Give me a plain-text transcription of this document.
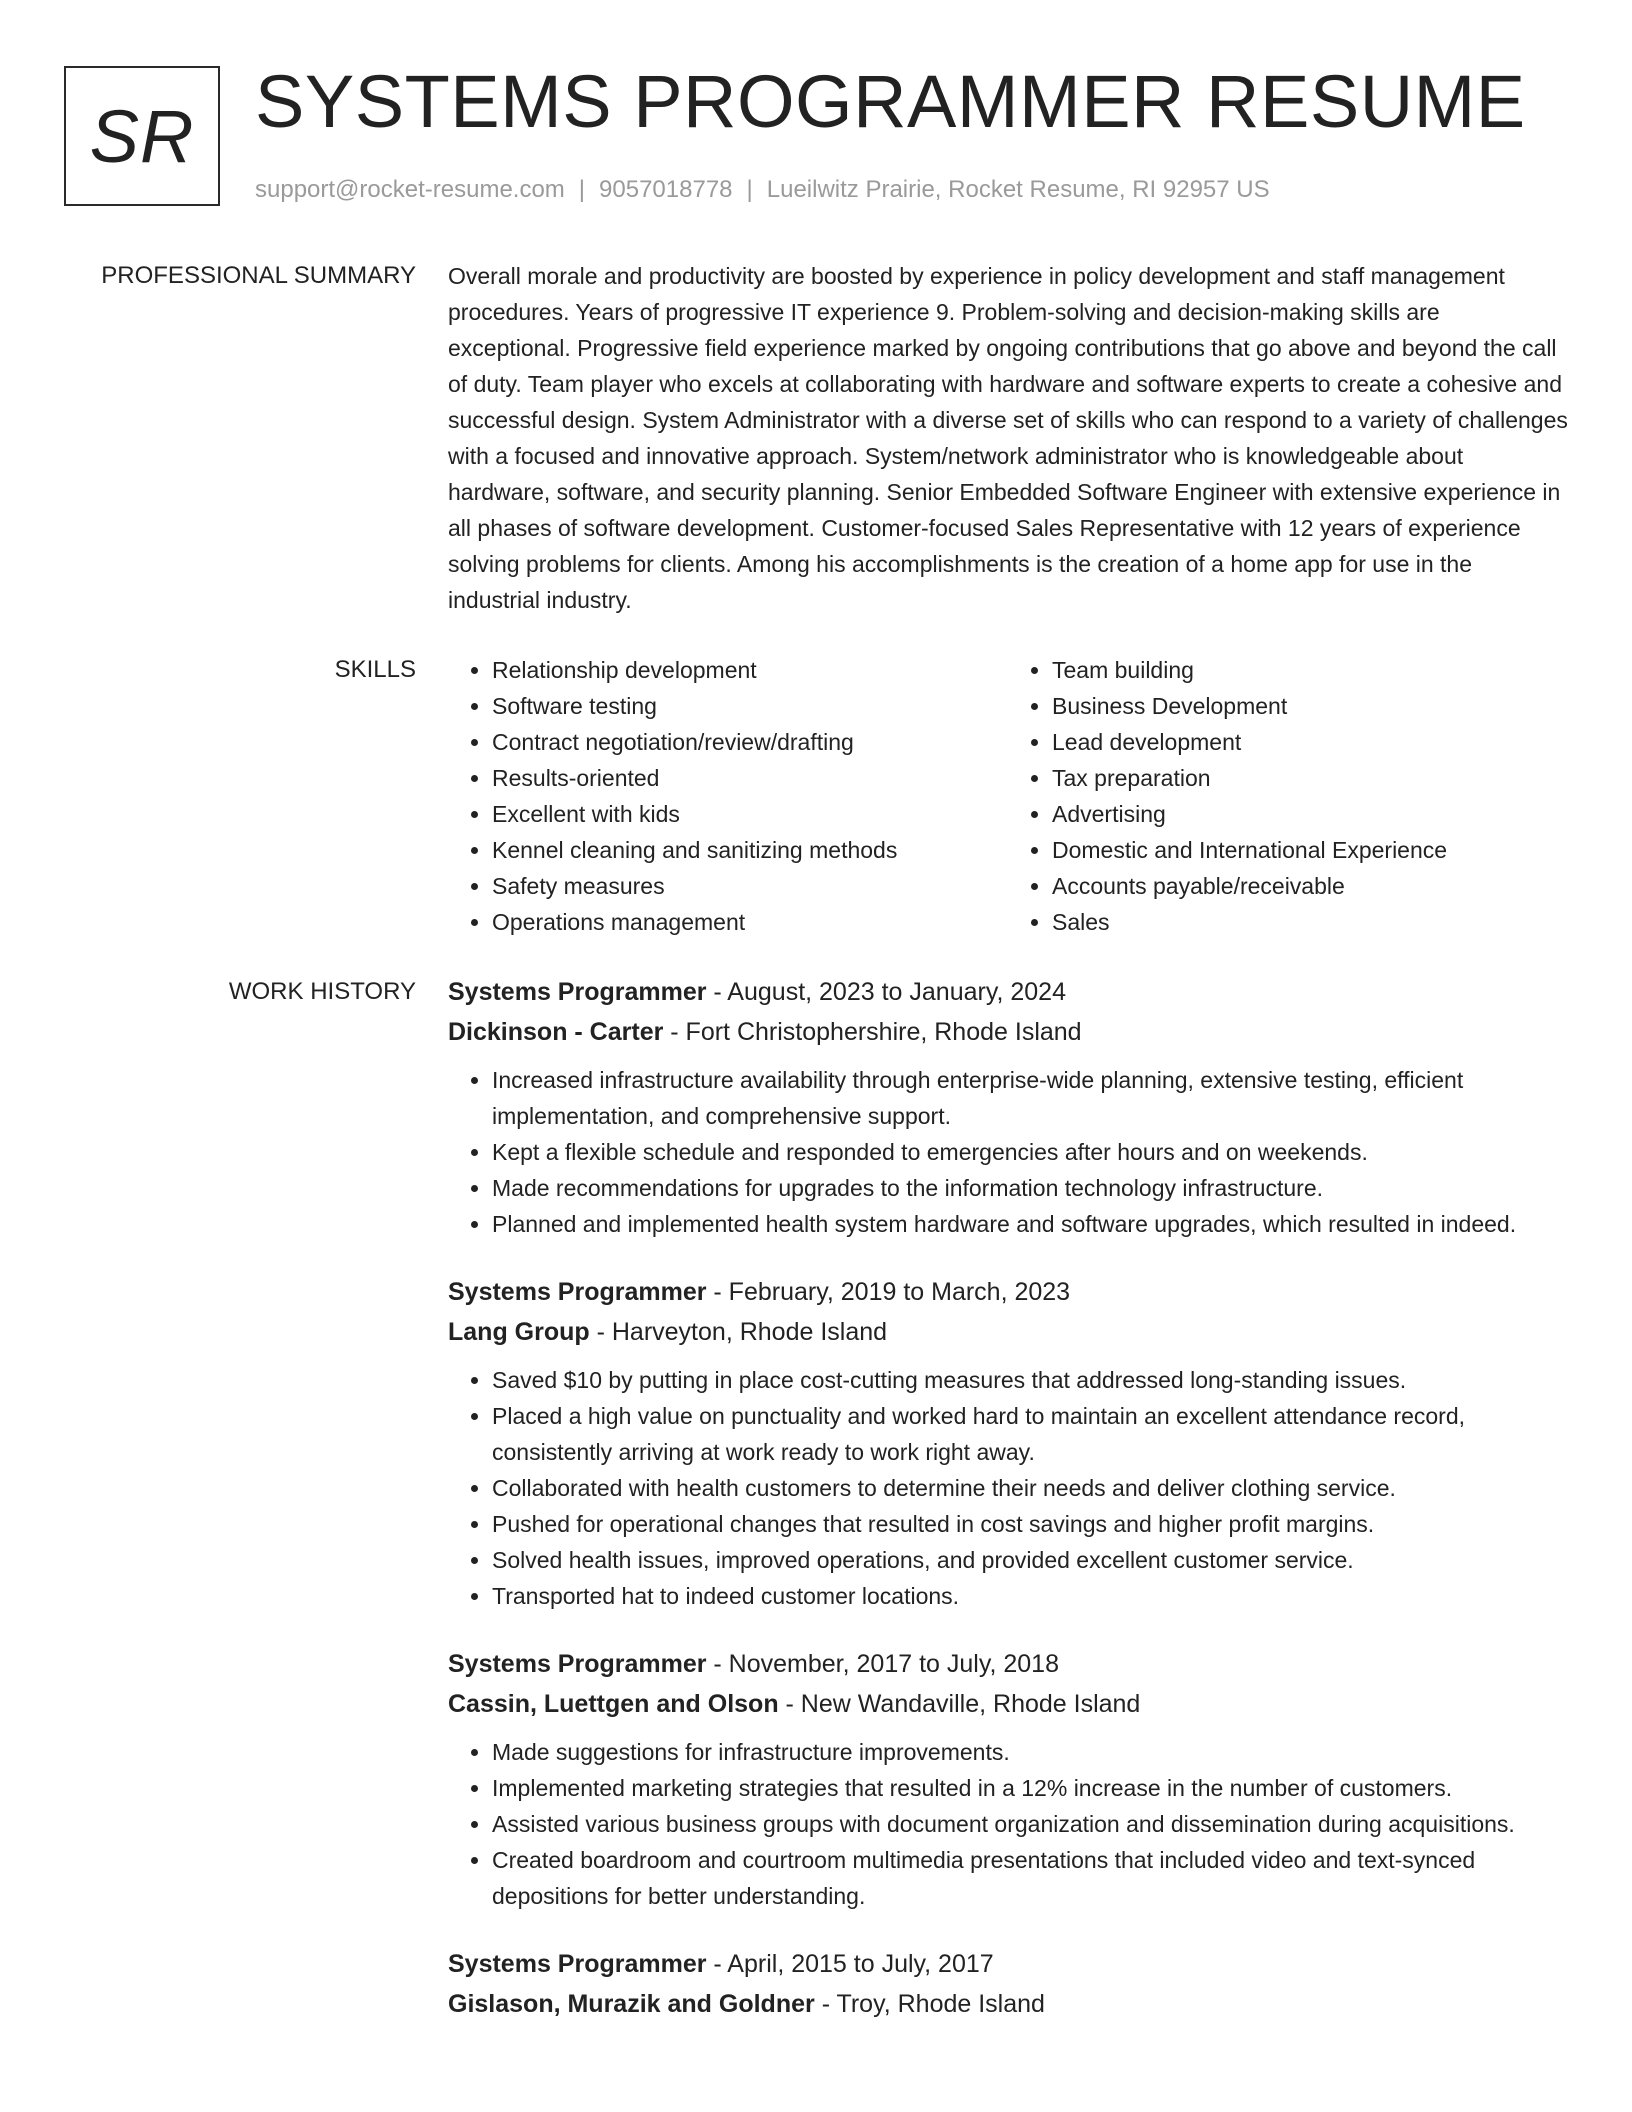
SR SYSTEMS PROGRAMMER RESUME
support@rocket-resume.com | 9057018778 | Lueilwitz Prairie, Rocket Resume, RI 92957 US
PROFESSIONAL SUMMARY Overall morale and productivity are boosted by experience in policy development and staff management procedures. Years of progressive IT experience 9. Problem-solving and decision-making skills are exceptional. Progressive field experience marked by ongoing contributions that go above and beyond the call of duty. Team player who excels at collaborating with hardware and software experts to create a cohesive and successful design. System Administrator with a diverse set of skills who can respond to a variety of challenges with a focused and innovative approach. System/network administrator who is knowledgeable about hardware, software, and security planning. Senior Embedded Software Engineer with extensive experience in all phases of software development. Customer-focused Sales Representative with 12 years of experience solving problems for clients. Among his accomplishments is the creation of a home app for use in the industrial industry.

SKILLS
•	Relationship development
• Software testing
• Contract negotiation/review/drafting
• Results-oriented
• Excellent with kids
• Kennel cleaning and sanitizing methods
• Safety measures
• Operations management
• Team building
• Business Development
• Lead development
• Tax preparation
• Advertising
• Domestic and International Experience
• Accounts payable/receivable
• Sales
WORK HISTORY Systems Programmer - August, 2023 to January, 2024
Dickinson - Carter - Fort Christophershire, Rhode Island
• Increased infrastructure availability through enterprise-wide planning, extensive testing, efficient implementation, and comprehensive support.
• Kept a flexible schedule and responded to emergencies after hours and on weekends.
• Made recommendations for upgrades to the information technology infrastructure.
• Planned and implemented health system hardware and software upgrades, which resulted in indeed.
Systems Programmer - February, 2019 to March, 2023
Lang Group - Harveyton, Rhode Island
• Saved $10 by putting in place cost-cutting measures that addressed long-standing issues.
• Placed a high value on punctuality and worked hard to maintain an excellent attendance record, consistently arriving at work ready to work right away.
• Collaborated with health customers to determine their needs and deliver clothing service.
• Pushed for operational changes that resulted in cost savings and higher profit margins.
• Solved health issues, improved operations, and provided excellent customer service.
• Transported hat to indeed customer locations.
Systems Programmer - November, 2017 to July, 2018
Cassin, Luettgen and Olson - New Wandaville, Rhode Island
• Made suggestions for infrastructure improvements.
• Implemented marketing strategies that resulted in a 12% increase in the number of customers.
• Assisted various business groups with document organization and dissemination during acquisitions.
• Created boardroom and courtroom multimedia presentations that included video and text-synced depositions for better understanding.
Systems Programmer - April, 2015 to July, 2017
Gislason, Murazik and Goldner - Troy, Rhode Island
